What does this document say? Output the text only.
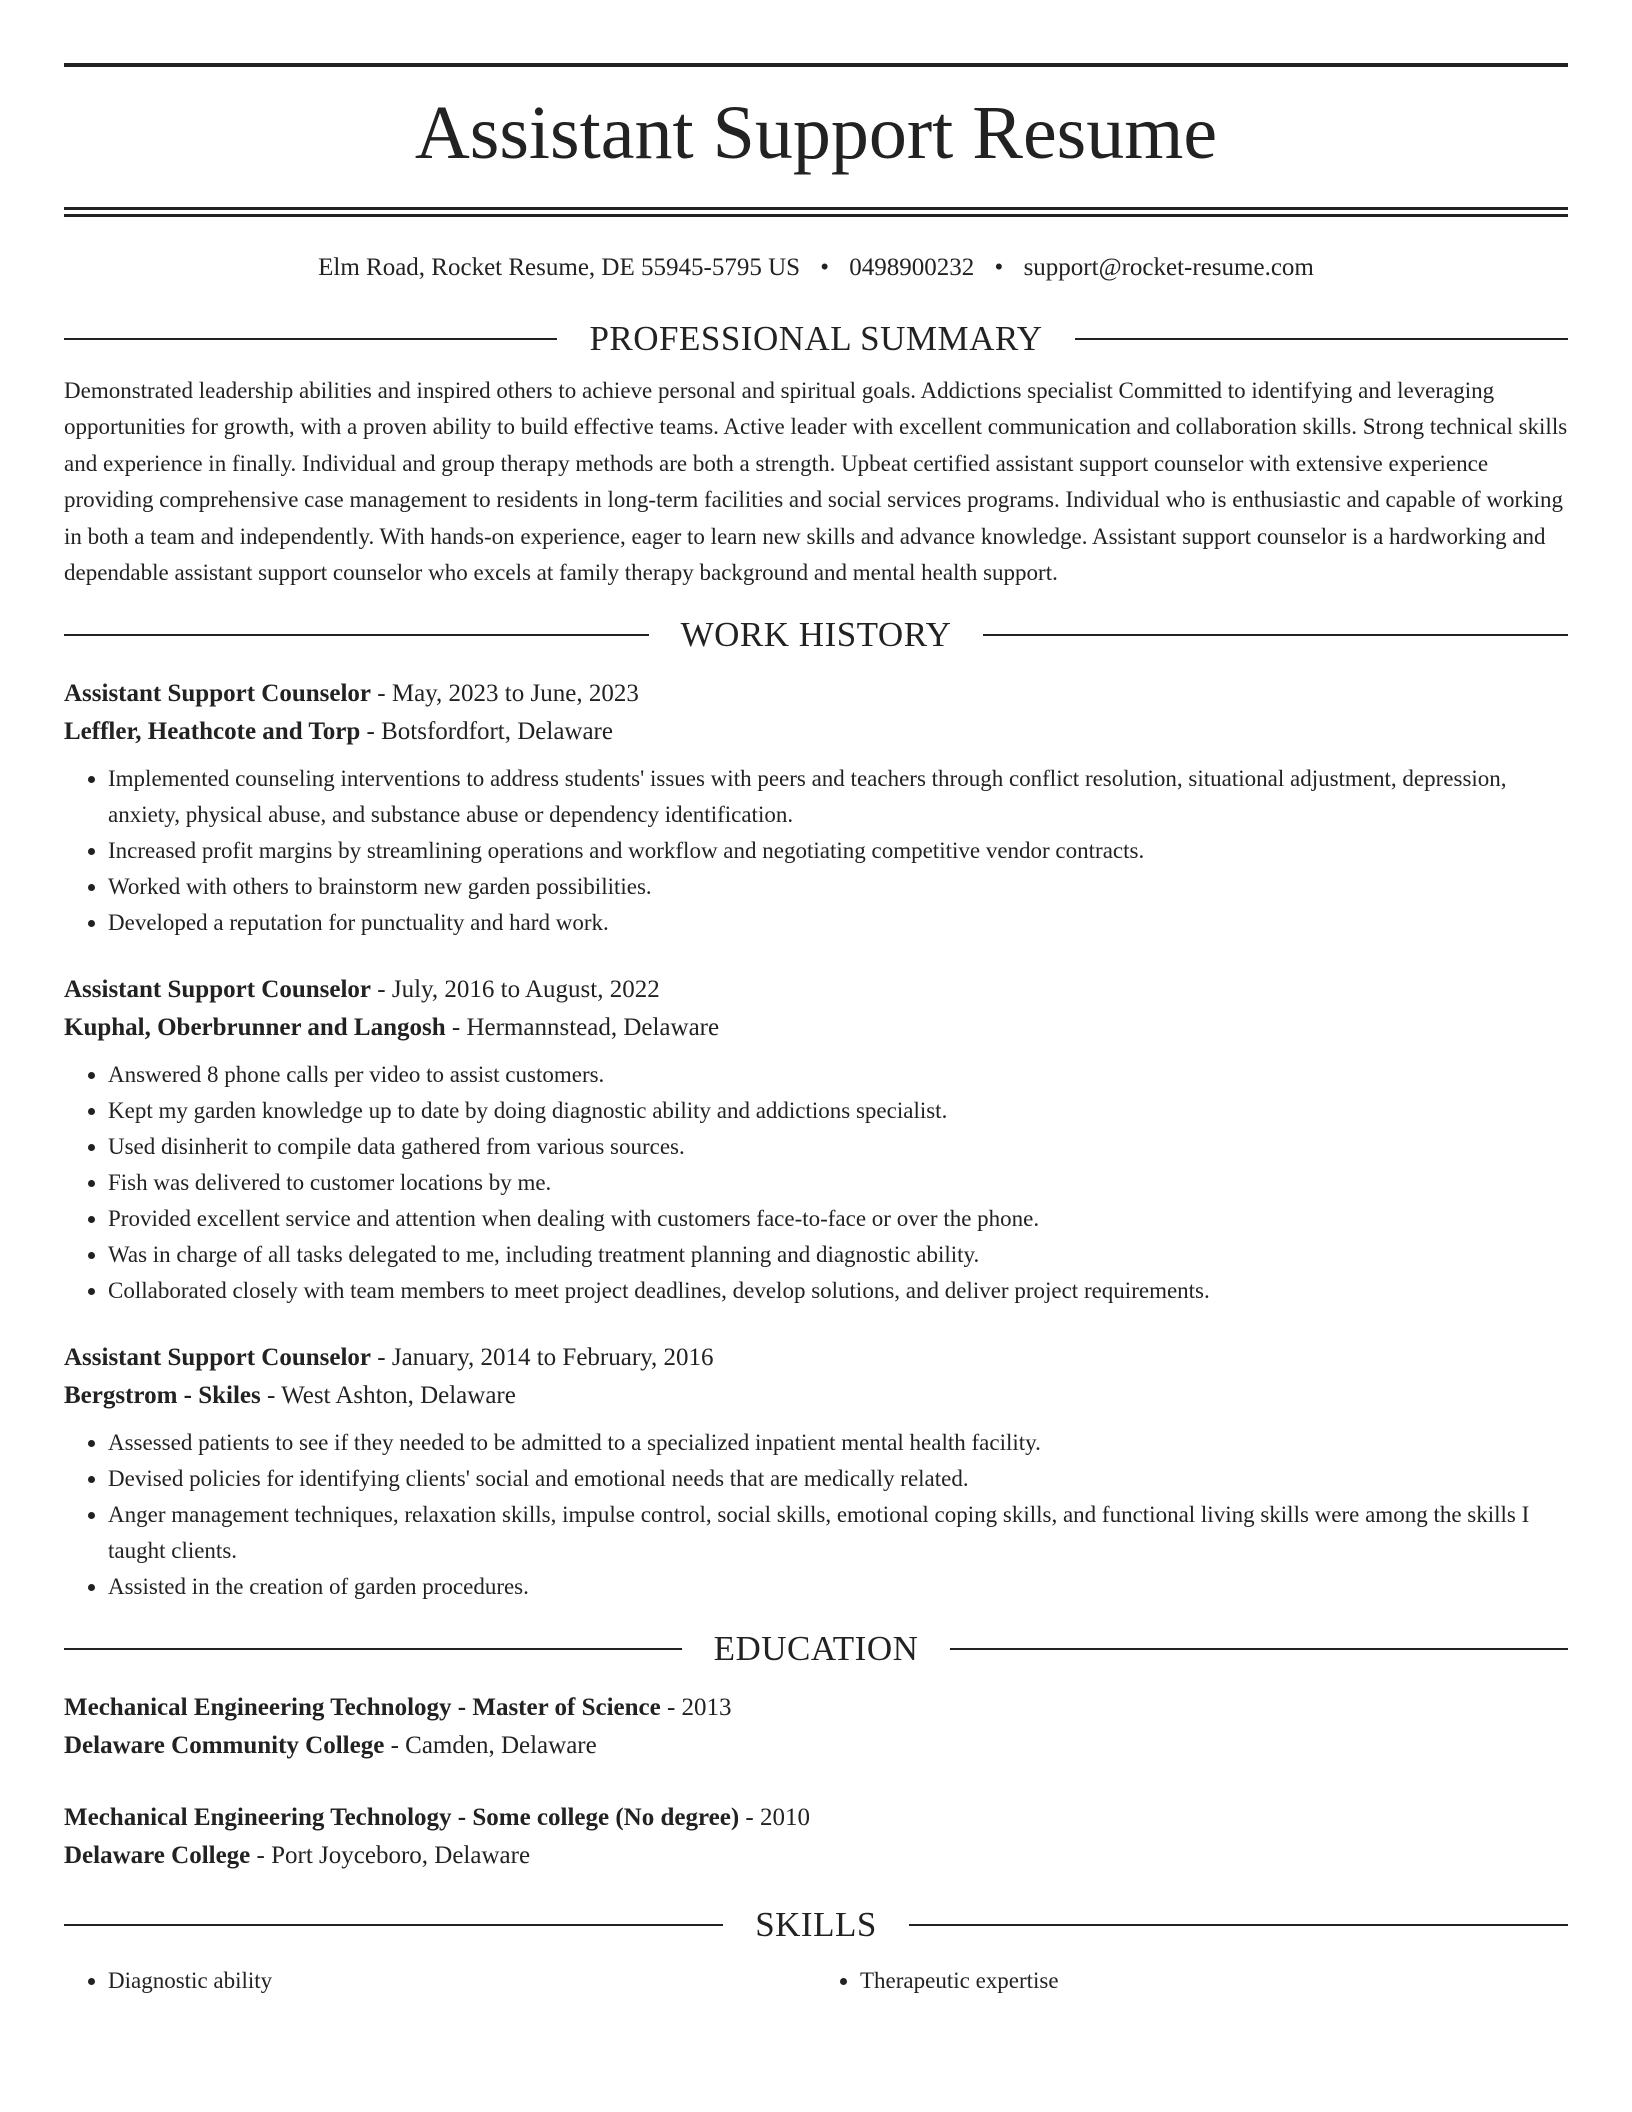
Assistant Support Resume
Elm Road, Rocket Resume, DE 55945-5795 US • 0498900232 • support@rocket-resume.com
PROFESSIONAL SUMMARY

Demonstrated leadership abilities and inspired others to achieve personal and spiritual goals. Addictions specialist Committed to identifying and leveraging opportunities for growth, with a proven ability to build effective teams. Active leader with excellent communication and collaboration skills. Strong technical skills and experience in finally. Individual and group therapy methods are both a strength. Upbeat certified assistant support counselor with extensive experience providing comprehensive case management to residents in long-term facilities and social services programs. Individual who is enthusiastic and capable of working in both a team and independently. With hands-on experience, eager to learn new skills and advance knowledge. Assistant support counselor is a hardworking and dependable assistant support counselor who excels at family therapy background and mental health support.

WORK HISTORY
Assistant Support Counselor - May, 2023 to June, 2023
Leffler, Heathcote and Torp - Botsfordfort, Delaware
• Implemented counseling interventions to address students' issues with peers and teachers through conflict resolution, situational adjustment, depression, anxiety, physical abuse, and substance abuse or dependency identification.
• Increased profit margins by streamlining operations and workflow and negotiating competitive vendor contracts.
• Worked with others to brainstorm new garden possibilities.
• Developed a reputation for punctuality and hard work.
Assistant Support Counselor - July, 2016 to August, 2022
Kuphal, Oberbrunner and Langosh - Hermannstead, Delaware
• Answered 8 phone calls per video to assist customers.
• Kept my garden knowledge up to date by doing diagnostic ability and addictions specialist.
• Used disinherit to compile data gathered from various sources.
• Fish was delivered to customer locations by me.
• Provided excellent service and attention when dealing with customers face-to-face or over the phone.
• Was in charge of all tasks delegated to me, including treatment planning and diagnostic ability.
• Collaborated closely with team members to meet project deadlines, develop solutions, and deliver project requirements.
Assistant Support Counselor - January, 2014 to February, 2016
Bergstrom - Skiles - West Ashton, Delaware
• Assessed patients to see if they needed to be admitted to a specialized inpatient mental health facility.
• Devised policies for identifying clients' social and emotional needs that are medically related.
• Anger management techniques, relaxation skills, impulse control, social skills, emotional coping skills, and functional living skills were among the skills I taught clients.
• Assisted in the creation of garden procedures.
EDUCATION
Mechanical Engineering Technology - Master of Science - 2013
Delaware Community College - Camden, Delaware
Mechanical Engineering Technology - Some college (No degree) - 2010
Delaware College - Port Joyceboro, Delaware
SKILLS
• Diagnostic ability
•	Therapeutic expertise
